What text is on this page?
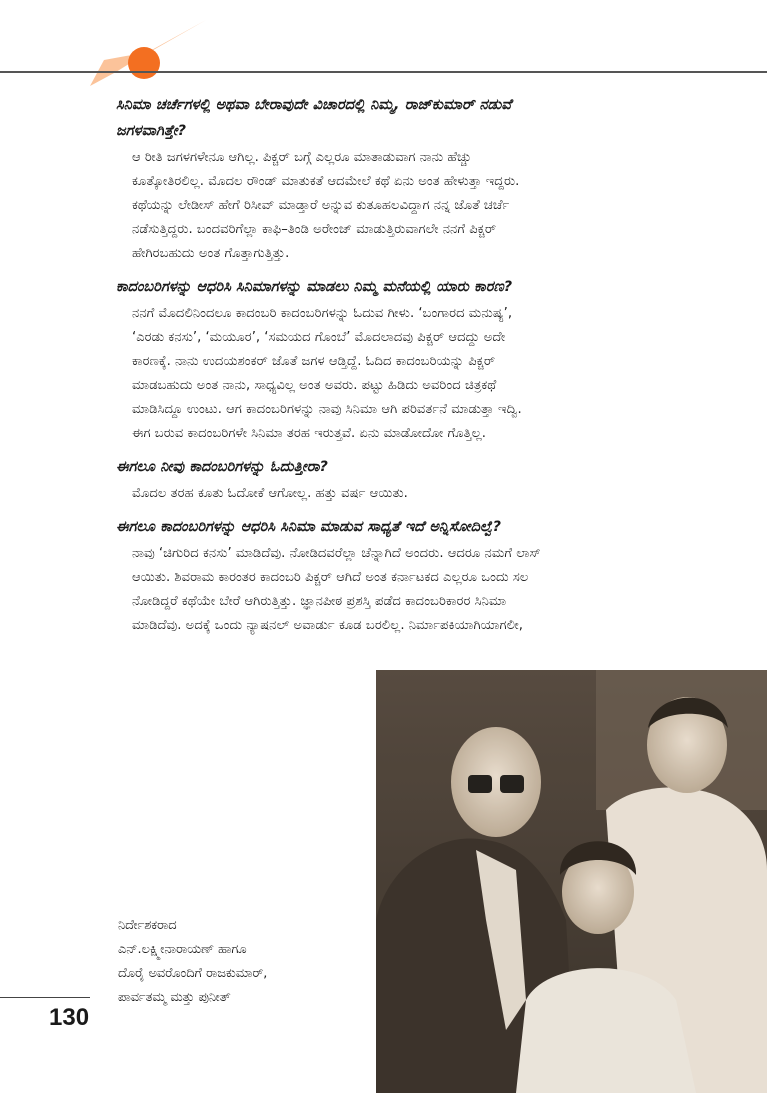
ಸಿನಿಮಾ ಚರ್ಚೆಗಳಲ್ಲಿ ಅಥವಾ ಬೇರಾವುದೇ ವಿಚಾರದಲ್ಲಿ ನಿಮ್ಮ, ರಾಜ್‌ಕುಮಾರ್ ನಡುವೆ
ಜಗಳವಾಗಿತ್ತೇ?

ಆ ರೀತಿ ಜಗಳಗಳೇನೂ ಆಗಿಲ್ಲ. ಪಿಕ್ಚರ್ ಬಗ್ಗೆ ಎಲ್ಲರೂ ಮಾತಾಡುವಾಗ ನಾನು ಹೆಚ್ಚು

ಕೂತ್ಕೋತಿರಲಿಲ್ಲ. ಮೊದಲ ರೌಂಡ್ ಮಾತುಕತೆ ಆದಮೇಲೆ ಕಥೆ ಏನು ಅಂತ ಹೇಳುತ್ತಾ ಇದ್ದರು.

ಕಥೆಯನ್ನು ಲೇಡೀಸ್ ಹೇಗೆ ರಿಸೀವ್ ಮಾಡ್ತಾರೆ ಅನ್ನುವ ಕುತೂಹಲವಿದ್ದಾಗ ನನ್ನ ಜೊತೆ ಚರ್ಚೆ

ನಡೆಸುತ್ತಿದ್ದರು. ಬಂದವರಿಗೆಲ್ಲಾ ಕಾಫಿ–ತಿಂಡಿ ಅರೇಂಜ್ ಮಾಡುತ್ತಿರುವಾಗಲೇ ನನಗೆ ಪಿಕ್ಚರ್

ಹೇಗಿರಬಹುದು ಅಂತ ಗೊತ್ತಾಗುತ್ತಿತ್ತು.

ಕಾದಂಬರಿಗಳನ್ನು ಆಧರಿಸಿ ಸಿನಿಮಾಗಳನ್ನು ಮಾಡಲು ನಿಮ್ಮ ಮನೆಯಲ್ಲಿ ಯಾರು ಕಾರಣ?

ನನಗೆ ಮೊದಲಿನಿಂದಲೂ ಕಾದಂಬರಿ ಕಾದಂಬರಿಗಳನ್ನು ಓದುವ ಗೀಳು. ‘ಬಂಗಾರದ ಮನುಷ್ಯ’,

‘ಎರಡು ಕನಸು’, ‘ಮಯೂರ’, ‘ಸಮಯದ ಗೊಂಬೆ’ ಮೊದಲಾದವು ಪಿಕ್ಚರ್ ಆದದ್ದು ಅದೇ

ಕಾರಣಕ್ಕೆ. ನಾನು ಉದಯಶಂಕರ್ ಜೊತೆ ಜಗಳ ಆಡ್ತಿದ್ದೆ. ಓದಿದ ಕಾದಂಬರಿಯನ್ನು ಪಿಕ್ಚರ್

ಮಾಡಬಹುದು ಅಂತ ನಾನು, ಸಾಧ್ಯವಿಲ್ಲ ಅಂತ ಅವರು. ಪಟ್ಟು ಹಿಡಿದು ಅವರಿಂದ ಚಿತ್ರಕಥೆ

ಮಾಡಿಸಿದ್ದೂ ಉಂಟು. ಆಗ ಕಾದಂಬರಿಗಳನ್ನು ನಾವು ಸಿನಿಮಾ ಆಗಿ ಪರಿವರ್ತನೆ ಮಾಡುತ್ತಾ ಇದ್ವಿ.

ಈಗ ಬರುವ ಕಾದಂಬರಿಗಳೇ ಸಿನಿಮಾ ತರಹ ಇರುತ್ತವೆ. ಏನು ಮಾಡೋದೋ ಗೊತ್ತಿಲ್ಲ.

ಈಗಲೂ ನೀವು ಕಾದಂಬರಿಗಳನ್ನು ಓದುತ್ತೀರಾ?

ಮೊದಲ ತರಹ ಕೂತು ಓದೋಕೆ ಆಗೋಲ್ಲ. ಹತ್ತು ವರ್ಷ ಆಯಿತು.

ಈಗಲೂ ಕಾದಂಬರಿಗಳನ್ನು ಆಧರಿಸಿ ಸಿನಿಮಾ ಮಾಡುವ ಸಾಧ್ಯತೆ ಇದೆ ಅನ್ನಿಸೋದಿಲ್ವೆ?

ನಾವು ‘ಚಿಗುರಿದ ಕನಸು’ ಮಾಡಿದೆವು. ನೋಡಿದವರೆಲ್ಲಾ ಚೆನ್ನಾಗಿದೆ ಅಂದರು. ಆದರೂ ನಮಗೆ ಲಾಸ್

ಆಯಿತು. ಶಿವರಾಮ ಕಾರಂತರ ಕಾದಂಬರಿ ಪಿಕ್ಚರ್ ಆಗಿದೆ ಅಂತ ಕರ್ನಾಟಕದ ಎಲ್ಲರೂ ಒಂದು ಸಲ

ನೋಡಿದ್ದರೆ ಕಥೆಯೇ ಬೇರೆ ಆಗಿರುತ್ತಿತ್ತು. ಜ್ಞಾನಪೀಠ ಪ್ರಶಸ್ತಿ ಪಡೆದ ಕಾದಂಬರಿಕಾರರ ಸಿನಿಮಾ

ಮಾಡಿದೆವು. ಅದಕ್ಕೆ ಒಂದು ನ್ಯಾಷನಲ್ ಅವಾರ್ಡು ಕೂಡ ಬರಲಿಲ್ಲ. ನಿರ್ಮಾಪಕಿಯಾಗಿಯಾಗಲೀ,

ನಿರ್ದೇಶಕರಾದ
ಎನ್.ಲಕ್ಷ್ಮೀನಾರಾಯಣ್ ಹಾಗೂ
ದೊರೈ ಅವರೊಂದಿಗೆ ರಾಜಕುಮಾರ್,
ಪಾರ್ವತಮ್ಮ ಮತ್ತು ಪುನೀತ್
130
